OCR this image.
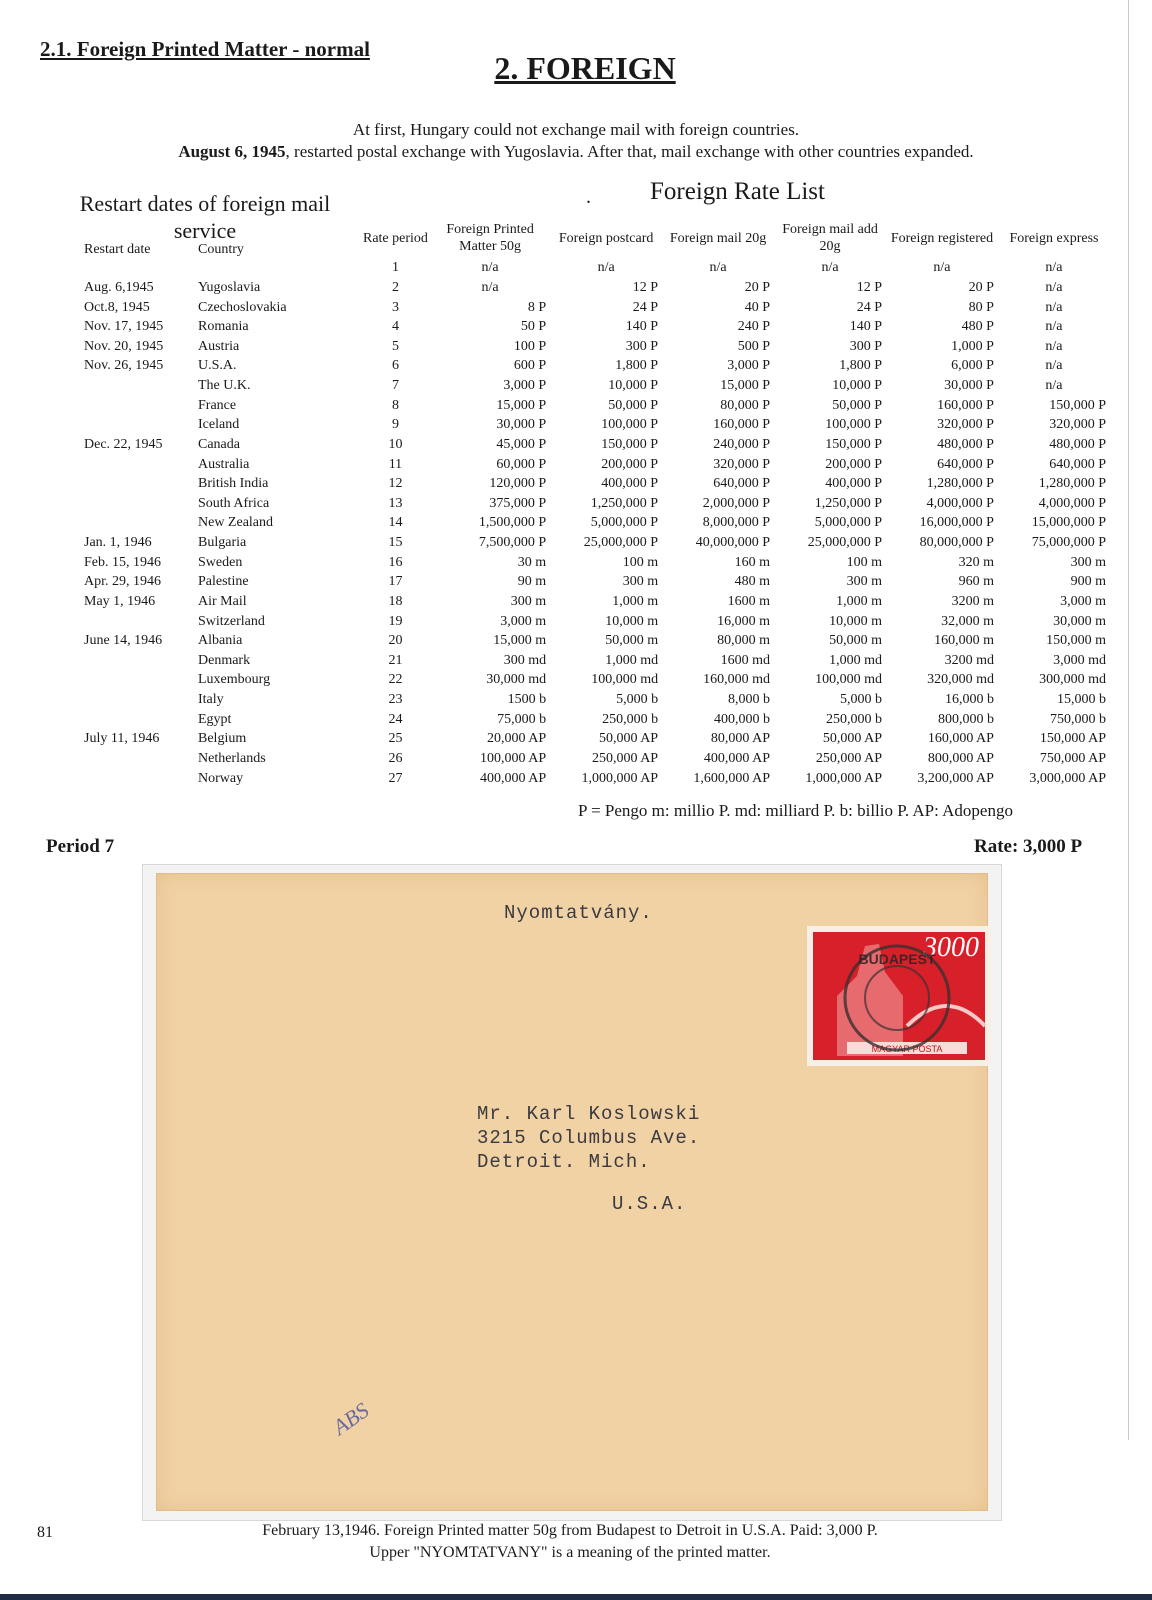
2.1. Foreign Printed Matter - normal
2. FOREIGN
At first, Hungary could not exchange mail with foreign countries.
August 6, 1945, restarted postal exchange with Yugoslavia. After that, mail exchange with other countries expanded.
Restart dates of foreign mail service
.	Foreign Rate List
Restart date	Country	Rate period	Foreign Printed Matter 50g	Foreign postcard	Foreign mail 20g	Foreign mail add 20g	Foreign registered	Foreign express
		1	n/a	n/a	n/a	n/a	n/a	n/a
Aug. 6,1945	Yugoslavia	2	n/a	12 P	20 P	12 P	20 P	n/a
Oct.8, 1945	Czechoslovakia	3	8 P	24 P	40 P	24 P	80 P	n/a
Nov. 17, 1945	Romania	4	50 P	140 P	240 P	140 P	480 P	n/a
Nov. 20, 1945	Austria	5	100 P	300 P	500 P	300 P	1,000 P	n/a
Nov. 26, 1945	U.S.A.	6	600 P	1,800 P	3,000 P	1,800 P	6,000 P	n/a
	The U.K.	7	3,000 P	10,000 P	15,000 P	10,000 P	30,000 P	n/a
	France	8	15,000 P	50,000 P	80,000 P	50,000 P	160,000 P	150,000 P
	Iceland	9	30,000 P	100,000 P	160,000 P	100,000 P	320,000 P	320,000 P
Dec. 22, 1945	Canada	10	45,000 P	150,000 P	240,000 P	150,000 P	480,000 P	480,000 P
	Australia	11	60,000 P	200,000 P	320,000 P	200,000 P	640,000 P	640,000 P
	British India	12	120,000 P	400,000 P	640,000 P	400,000 P	1,280,000 P	1,280,000 P
	South Africa	13	375,000 P	1,250,000 P	2,000,000 P	1,250,000 P	4,000,000 P	4,000,000 P
	New Zealand	14	1,500,000 P	5,000,000 P	8,000,000 P	5,000,000 P	16,000,000 P	15,000,000 P
Jan. 1, 1946	Bulgaria	15	7,500,000 P	25,000,000 P	40,000,000 P	25,000,000 P	80,000,000 P	75,000,000 P
Feb. 15, 1946	Sweden	16	30 m	100 m	160 m	100 m	320 m	300 m
Apr. 29, 1946	Palestine	17	90 m	300 m	480 m	300 m	960 m	900 m
May 1, 1946	Air Mail	18	300 m	1,000 m	1600 m	1,000 m	3200 m	3,000 m
	Switzerland	19	3,000 m	10,000 m	16,000 m	10,000 m	32,000 m	30,000 m
June 14, 1946	Albania	20	15,000 m	50,000 m	80,000 m	50,000 m	160,000 m	150,000 m
	Denmark	21	300 md	1,000 md	1600 md	1,000 md	3200 md	3,000 md
	Luxembourg	22	30,000 md	100,000 md	160,000 md	100,000 md	320,000 md	300,000 md
	Italy	23	1500 b	5,000 b	8,000 b	5,000 b	16,000 b	15,000 b
	Egypt	24	75,000 b	250,000 b	400,000 b	250,000 b	800,000 b	750,000 b
July 11, 1946	Belgium	25	20,000 AP	50,000 AP	80,000 AP	50,000 AP	160,000 AP	150,000 AP
	Netherlands	26	100,000 AP	250,000 AP	400,000 AP	250,000 AP	800,000 AP	750,000 AP
	Norway	27	400,000 AP	1,000,000 AP	1,600,000 AP	1,000,000 AP	3,200,000 AP	3,000,000 AP
P = Pengo m: millio P. md: milliard P. b: billio P. AP: Adopengo
Period 7	Rate: 3,000 P
Nyomtatvány.
3000
MAGYAR POSTA
BUDAPEST
Mr. Karl Koslowski
3215 Columbus Ave.
Detroit. Mich.
U.S.A.
ABS
81	February 13,1946. Foreign Printed matter 50g from Budapest to Detroit in U.S.A. Paid: 3,000 P.
Upper "NYOMTATVANY" is a meaning of the printed matter.
